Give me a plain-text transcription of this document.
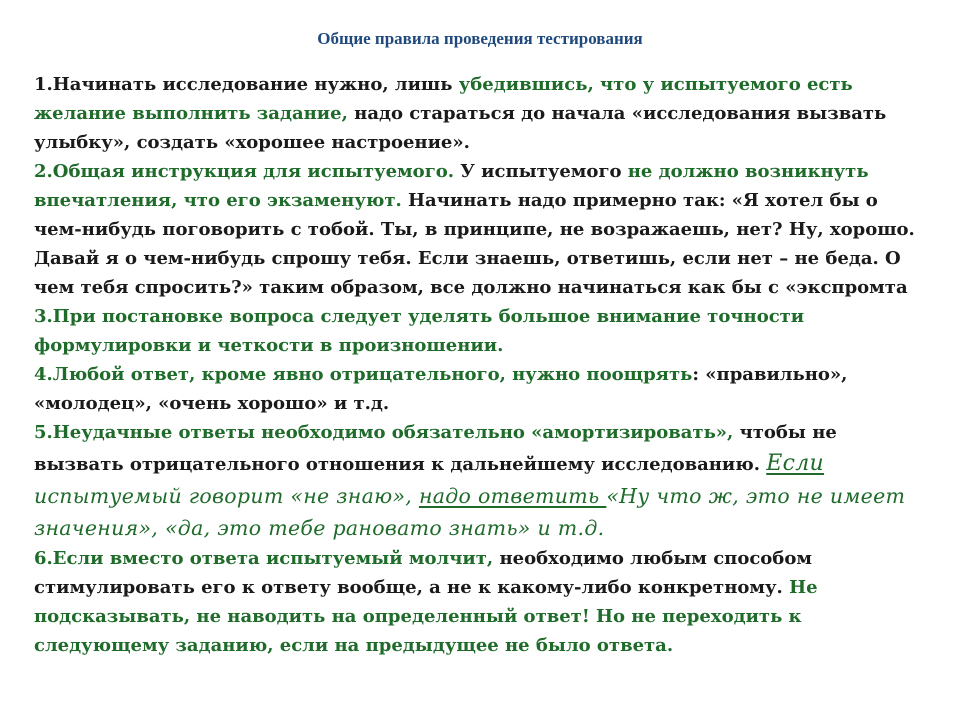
Общие правила проведения тестирования

1.Начинать исследование нужно, лишь убедившись, что у испытуемого есть желание выполнить задание, надо стараться до начала «исследования вызвать улыбку», создать «хорошее настроение».

2.Общая инструкция для испытуемого. У испытуемого не должно возникнуть впечатления, что его экзаменуют. Начинать надо примерно так: «Я хотел бы о чем-нибудь поговорить с тобой. Ты, в принципе, не возражаешь, нет? Ну, хорошо. Давай я о чем-нибудь спрошу тебя. Если знаешь, ответишь, если нет – не беда. О чем тебя спросить?» таким образом, все должно начинаться как бы с «экспромта

3.При постановке вопроса следует уделять большое внимание точности формулировки и четкости в произношении.

4.Любой ответ, кроме явно отрицательного, нужно поощрять: «правильно», «молодец», «очень хорошо» и т.д.

5.Неудачные ответы необходимо обязательно «амортизировать», чтобы не вызвать отрицательного отношения к дальнейшему исследованию. Если испытуемый говорит «не знаю», надо ответить «Ну что ж, это не имеет значения», «да, это тебе рановато знать» и т.д.

6.Если вместо ответа испытуемый молчит, необходимо любым способом стимулировать его к ответу вообще, а не к какому-либо конкретному. Не подсказывать, не наводить на определенный ответ! Но не переходить к следующему заданию, если на предыдущее не было ответа.
